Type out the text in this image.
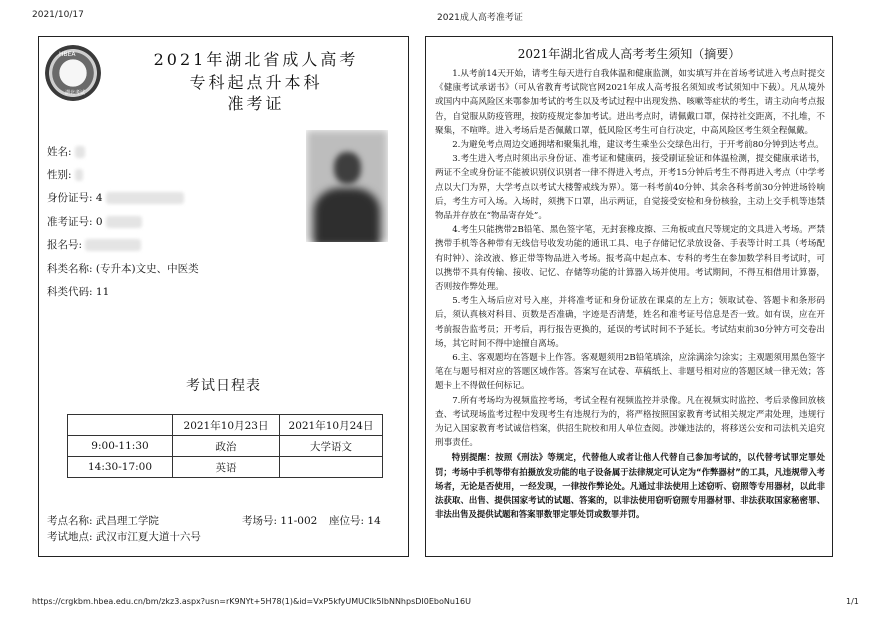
2021/10/17	2021成人高考准考证
HBEA
湖北考试
2021年湖北省成人高考
专科起点升本科
准考证
姓名:
性别:
身份证号: 4
准考证号: 0
报名号:
科类名称: (专升本)文史、中医类
科类代码: 11
考试日程表
	2021年10月23日	2021年10月24日
9:00-11:30	政治	大学语文
14:30-17:00	英语	
考点名称: 武昌理工学院	考场号: 11-002 座位号: 14
考试地点: 武汉市江夏大道十六号
2021年湖北省成人高考考生须知（摘要）

1.从考前14天开始，请考生每天进行自我体温和健康监测，如实填写并在首场考试进入考点时提交《健康考试承诺书》（可从省教育考试院官网2021年成人高考报名须知或考试须知中下载）。凡从境外或国内中高风险区来鄂参加考试的考生以及考试过程中出现发热、咳嗽等症状的考生，请主动向考点报告，自觉服从防疫管理，按防疫规定参加考试。进出考点时，请佩戴口罩，保持社交距离，不扎堆，不聚集，不喧哗。进入考场后是否佩戴口罩，低风险区考生可自行决定，中高风险区考生须全程佩戴。

2.为避免考点周边交通拥堵和聚集扎堆，建议考生乘坐公交绿色出行，于开考前80分钟到达考点。

3.考生进入考点时须出示身份证、准考证和健康码，接受刷证验证和体温检测，提交健康承诺书，两证不全或身份证不能被识别仪识别者一律不得进入考点，开考15分钟后考生不得再进入考点（中学考点以大门为界，大学考点以考试大楼警戒线为界）。第一科考前40分钟、其余各科考前30分钟进场铃响后，考生方可入场。入场时，须携下口罩，出示两证，自觉接受安检和身份核验，主动上交手机等违禁物品并存放在“物品寄存处”。

4.考生只能携带2B铅笔、黑色签字笔，无封套橡皮擦、三角板或直尺等规定的文具进入考场。严禁携带手机等各种带有无线信号收发功能的通讯工具、电子存储记忆录放设备、手表等计时工具（考场配有时钟）、涂改液、修正带等物品进入考场。报考高中起点本、专科的考生在参加数学科目考试时，可以携带不具有传输、接收、记忆、存储等功能的计算器入场并使用。考试期间，不得互相借用计算器，否则按作弊处理。

5.考生入场后应对号入座，并将准考证和身份证放在课桌的左上方；领取试卷、答题卡和条形码后，须认真核对科目、页数是否准确，字迹是否清楚，姓名和准考证号信息是否一致。如有误，应在开考前报告监考员；开考后，再行报告更换的，延误的考试时间不予延长。考试结束前30分钟方可交卷出场，其它时间不得中途擅自离场。

6.主、客观题均在答题卡上作答。客观题须用2B铅笔填涂，应涂满涂匀涂实；主观题须用黑色签字笔在与题号相对应的答题区域作答。答案写在试卷、草稿纸上、非题号相对应的答题区域一律无效；答题卡上不得做任何标记。

7.所有考场均为视频监控考场，考试全程有视频监控并录像。凡在视频实时监控、考后录像回放核查、考试现场监考过程中发现考生有违规行为的，将严格按照国家教育考试相关规定严肃处理，违规行为记入国家教育考试诚信档案，供招生院校和用人单位查阅。涉嫌违法的，将移送公安和司法机关追究刑事责任。

特别提醒：按照《刑法》等规定，代替他人或者让他人代替自己参加考试的，以代替考试罪定罪处罚；考场中手机等带有拍摄放发功能的电子设备属于法律规定可认定为“作弊器材”的工具，凡违规带入考场者，无论是否使用，一经发现，一律按作弊论处。凡通过非法使用上述窃听、窃照等专用器材，以此非法获取、出售、提供国家考试的试题、答案的，以非法使用窃听窃照专用器材罪、非法获取国家秘密罪、非法出售及提供试题和答案罪数罪定罪处罚或数罪并罚。

https://crgkbm.hbea.edu.cn/bm/zkz3.aspx?usn=rK9NYt+5H78(1)&id=VxP5kfyUMUClk5IbNNhpsDI0EboNu16U	1/1
